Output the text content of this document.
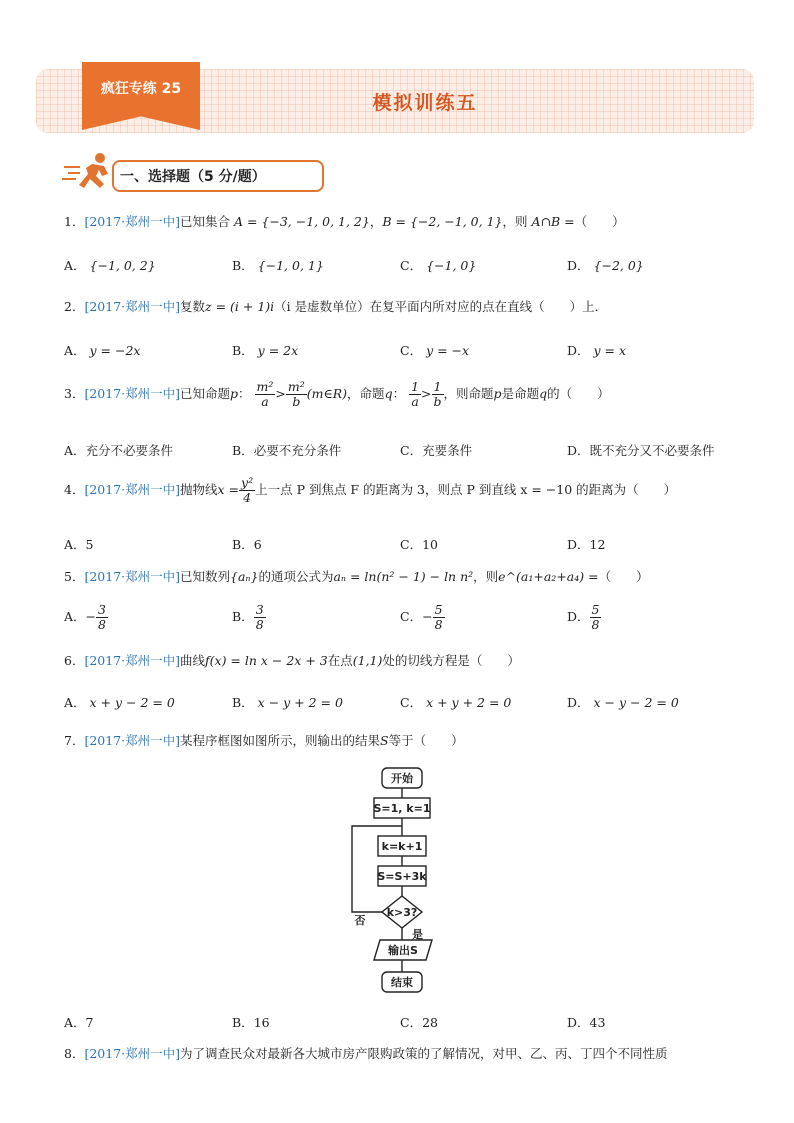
疯狂专练 25
模拟训练五
一、选择题（5 分/题）
1．[2017·郑州一中]已知集合 A = {−3, −1, 0, 1, 2}，B = {−2, −1, 0, 1}，则 A∩B =（　　）
A． {−1, 0, 2}	B． {−1, 0, 1}	C． {−1, 0}	D． {−2, 0}
2．[2017·郑州一中]复数z = (i + 1)i（i 是虚数单位）在复平面内所对应的点在直线（　　）上．
A． y = −2x	B． y = 2x	C． y = −x	D． y = x
3．[2017·郑州一中]已知命题p： $\frac{\text{m²}}{a} > \frac{\text{m²}}{b}$ (m∈R)，命题q： $\frac{1}{a} > \frac{1}{b}$ ，则命题p是命题q的（　　）
A．充分不必要条件	B．必要不充分条件	C．充要条件	D．既不充分又不必要条件
4．[2017·郑州一中]抛物线$x = \frac{\text{y²}}{4}$ 上一点 P 到焦点 F 的距离为 3，则点 P 到直线 x = −10 的距离为（　　）
A．5	B．6	C．10	D．12
5．[2017·郑州一中]已知数列{aₙ}的通项公式为aₙ = ln(n² − 1) − ln n²，则e^(a₁+a₂+a₄) =（　　）
A．− $\frac{3}{8}$	B． $\frac{3}{8}$	C．− $\frac{5}{8}$	D． $\frac{5}{8}$
6．[2017·郑州一中]曲线f(x) = ln x − 2x + 3在点(1,1)处的切线方程是（　　）
A． x + y − 2 = 0	B． x − y + 2 = 0	C． x + y + 2 = 0	D． x − y − 2 = 0
7．[2017·郑州一中]某程序框图如图所示，则输出的结果S等于（　　）
开始
S=1, k=1
k=k+1
S=S+3k
k>3?
否
是
输出S
结束
A．7	B．16	C．28	D．43
8．[2017·郑州一中]为了调查民众对最新各大城市房产限购政策的了解情况，对甲、乙、丙、丁四个不同性质
